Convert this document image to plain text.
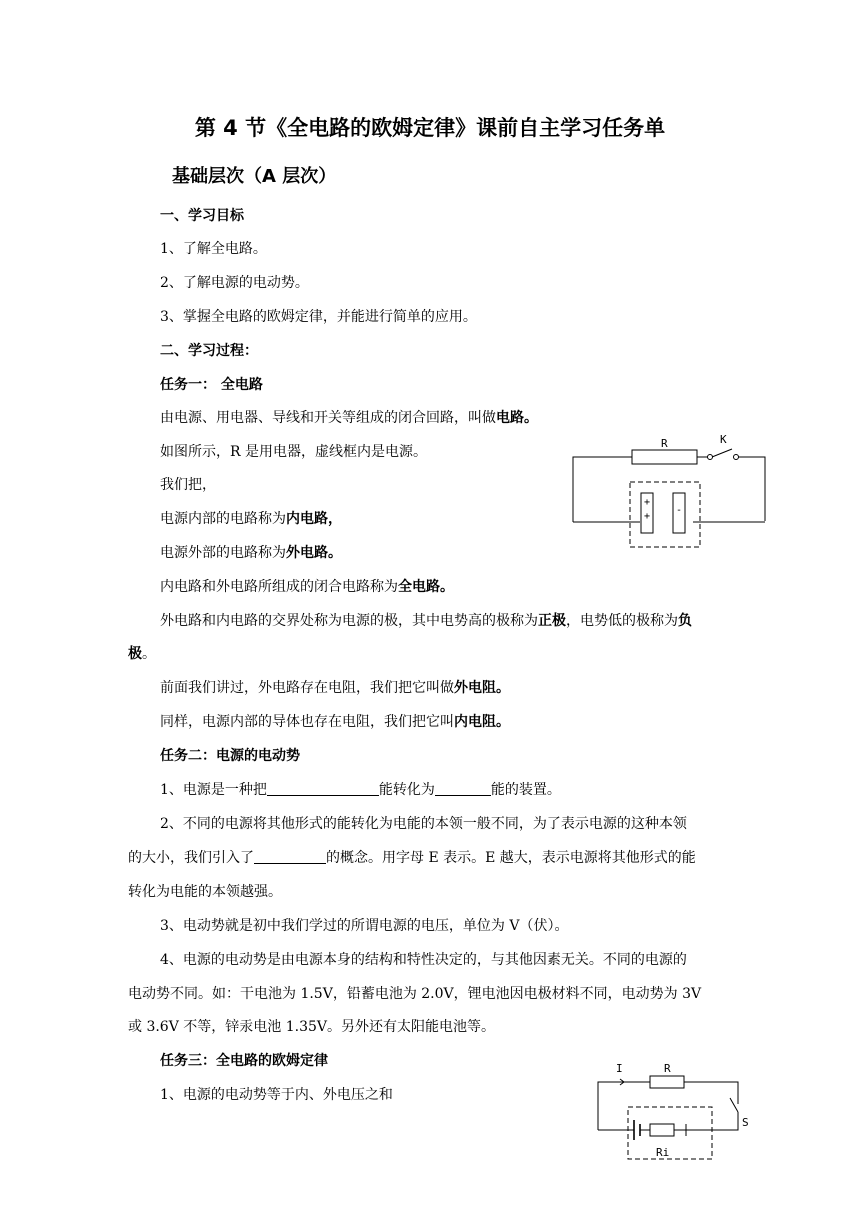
第 4 节《全电路的欧姆定律》课前自主学习任务单
基础层次（A 层次）
一、学习目标
1、了解全电路。
2、了解电源的电动势。
3、掌握全电路的欧姆定律，并能进行简单的应用。
二、学习过程：
任务一： 全电路
由电源、用电器、导线和开关等组成的闭合回路，叫做电路。
如图所示，R 是用电器，虚线框内是电源。
我们把，
电源内部的电路称为内电路，
电源外部的电路称为外电路。
内电路和外电路所组成的闭合电路称为全电路。
外电路和内电路的交界处称为电源的极，其中电势高的极称为正极，电势低的极称为负
极。
前面我们讲过，外电路存在电阻，我们把它叫做外电阻。
同样，电源内部的导体也存在电阻，我们把它叫内电阻。
R	K
+
+
-
任务二：电源的电动势
1、电源是一种把	能转化为	能的装置。
2、不同的电源将其他形式的能转化为电能的本领一般不同，为了表示电源的这种本领
的大小，我们引入了	的概念。用字母 E 表示。E 越大，表示电源将其他形式的能
转化为电能的本领越强。
3、电动势就是初中我们学过的所谓电源的电压，单位为 V（伏）。
4、电源的电动势是由电源本身的结构和特性决定的，与其他因素无关。不同的电源的
电动势不同。如：干电池为 1.5V，铅蓄电池为 2.0V，锂电池因电极材料不同，电动势为 3V
或 3.6V 不等，锌汞电池 1.35V。另外还有太阳能电池等。
任务三：全电路的欧姆定律
1、电源的电动势等于内、外电压之和
I	R
S
Ri
